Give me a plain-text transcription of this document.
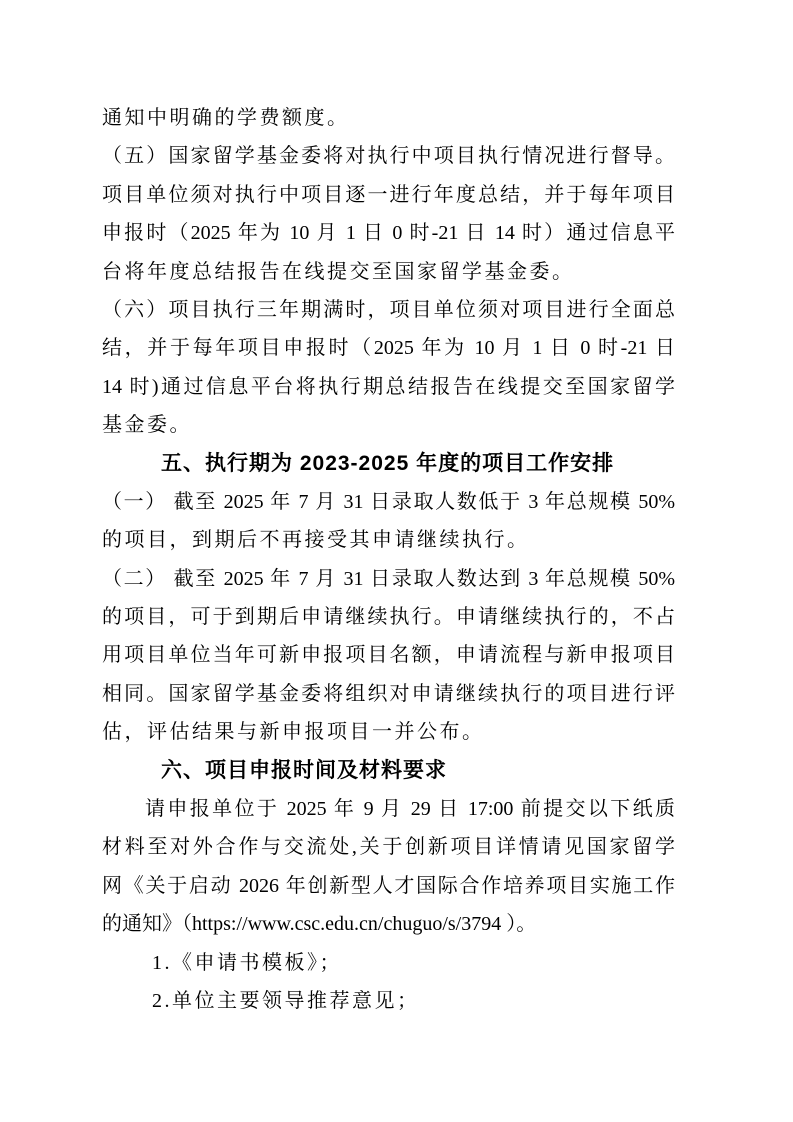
通知中明确的学费额度。
（五）国家留学基金委将对执行中项目执行情况进行督导。
项目单位须对执行中项目逐一进行年度总结，并于每年项目
申报时（2025 年为 10 月 1 日 0 时-21 日 14 时）通过信息平
台将年度总结报告在线提交至国家留学基金委。
（六）项目执行三年期满时，项目单位须对项目进行全面总
结，并于每年项目申报时（2025 年为 10 月 1 日 0 时-21 日
14 时)通过信息平台将执行期总结报告在线提交至国家留学
基金委。
五、执行期为 2023-2025 年度的项目工作安排
（一） 截至 2025 年 7 月 31 日录取人数低于 3 年总规模 50%
的项目，到期后不再接受其申请继续执行。
（二） 截至 2025 年 7 月 31 日录取人数达到 3 年总规模 50%
的项目，可于到期后申请继续执行。申请继续执行的，不占
用项目单位当年可新申报项目名额，申请流程与新申报项目
相同。国家留学基金委将组织对申请继续执行的项目进行评
估，评估结果与新申报项目一并公布。
六、项目申报时间及材料要求
请申报单位于 2025 年 9 月 29 日 17:00 前提交以下纸质
材料至对外合作与交流处,关于创新项目详情请见国家留学
网《关于启动 2026 年创新型人才国际合作培养项目实施工作
的通知》（https://www.csc.edu.cn/chuguo/s/3794 ）。
1.《申请书模板》；
2.单位主要领导推荐意见；
